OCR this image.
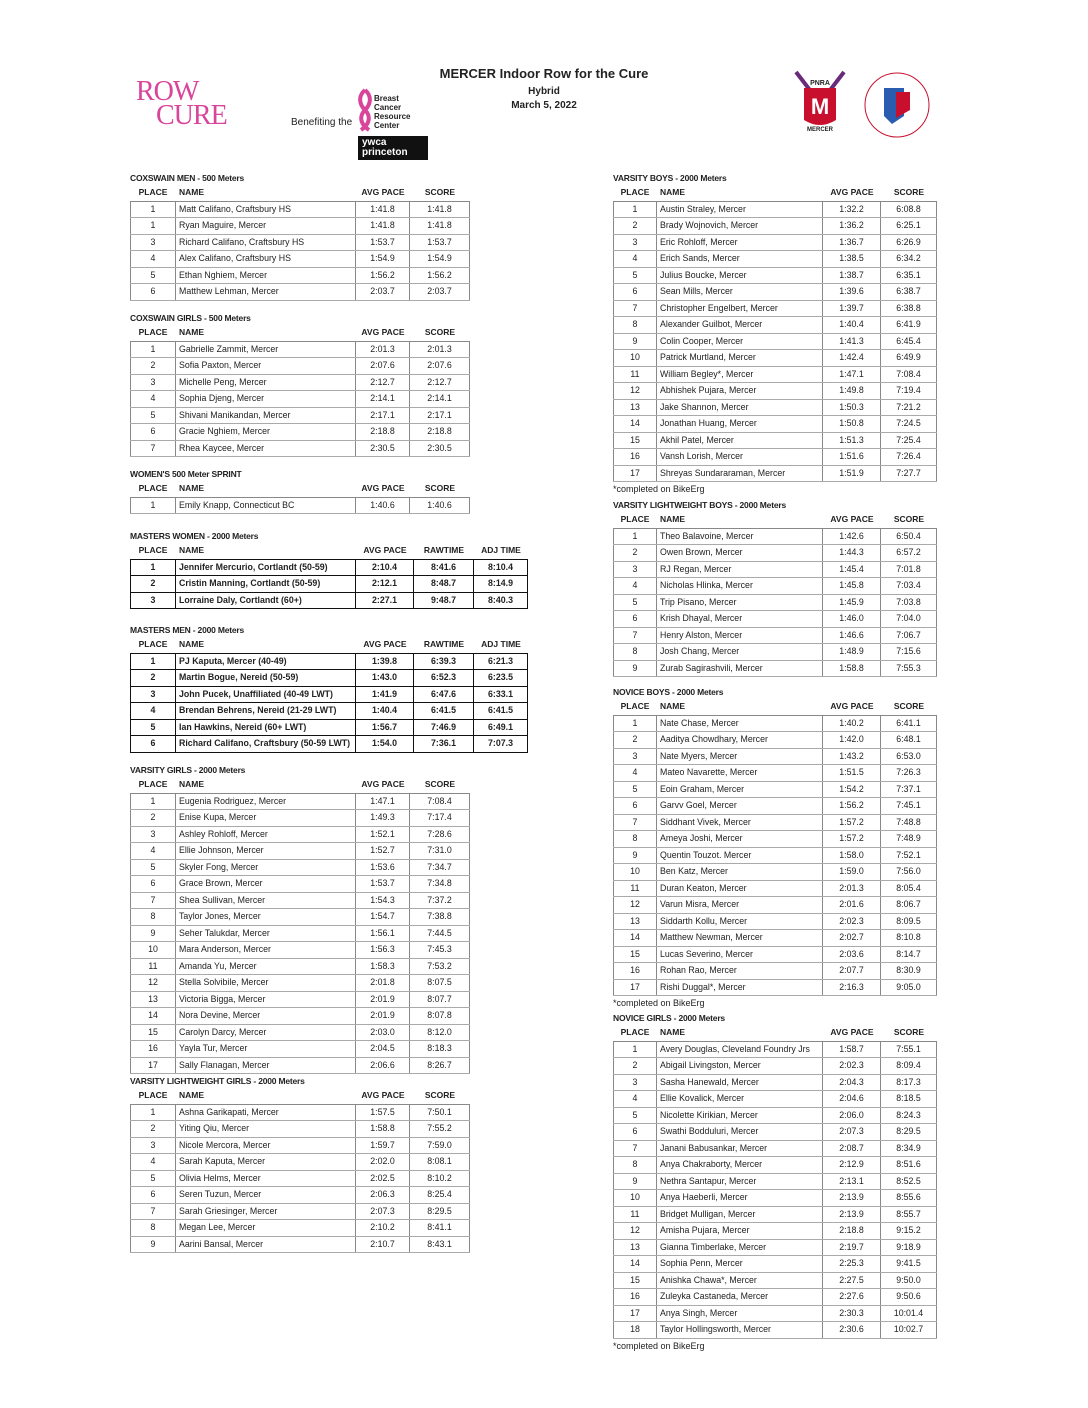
MERCER Indoor Row for the Cure
Hybrid
March 5, 2022
ROW
CURE	Benefiting the
Breast
Cancer
Resource
Center
ywca
princeton
PNRA
M
MERCER
COXSWAIN MEN - 500 Meters
PLACE	NAME	AVG PACE	SCORE
1	Matt Califano, Craftsbury HS	1:41.8	1:41.8
1	Ryan Maguire, Mercer	1:41.8	1:41.8
3	Richard Califano, Craftsbury HS	1:53.7	1:53.7
4	Alex Califano, Craftsbury HS	1:54.9	1:54.9
5	Ethan Nghiem, Mercer	1:56.2	1:56.2
6	Matthew Lehman, Mercer	2:03.7	2:03.7
COXSWAIN GIRLS - 500 Meters
PLACE	NAME	AVG PACE	SCORE
1	Gabrielle Zammit, Mercer	2:01.3	2:01.3
2	Sofia Paxton, Mercer	2:07.6	2:07.6
3	Michelle Peng, Mercer	2:12.7	2:12.7
4	Sophia Djeng, Mercer	2:14.1	2:14.1
5	Shivani Manikandan, Mercer	2:17.1	2:17.1
6	Gracie Nghiem, Mercer	2:18.8	2:18.8
7	Rhea Kaycee, Mercer	2:30.5	2:30.5
WOMEN'S 500 Meter SPRINT
PLACE	NAME	AVG PACE	SCORE
1	Emily Knapp, Connecticut BC	1:40.6	1:40.6
MASTERS WOMEN - 2000 Meters
PLACE	NAME	AVG PACE	RAWTIME	ADJ TIME
1	Jennifer Mercurio, Cortlandt (50-59)	2:10.4	8:41.6	8:10.4
2	Cristin Manning, Cortlandt (50-59)	2:12.1	8:48.7	8:14.9
3	Lorraine Daly, Cortlandt (60+)	2:27.1	9:48.7	8:40.3
MASTERS MEN - 2000 Meters
PLACE	NAME	AVG PACE	RAWTIME	ADJ TIME
1	PJ Kaputa, Mercer (40-49)	1:39.8	6:39.3	6:21.3
2	Martin Bogue, Nereid (50-59)	1:43.0	6:52.3	6:23.5
3	John Pucek, Unaffiliated (40-49 LWT)	1:41.9	6:47.6	6:33.1
4	Brendan Behrens, Nereid (21-29 LWT)	1:40.4	6:41.5	6:41.5
5	Ian Hawkins, Nereid (60+ LWT)	1:56.7	7:46.9	6:49.1
6	Richard Califano, Craftsbury (50-59 LWT)	1:54.0	7:36.1	7:07.3
VARSITY GIRLS - 2000 Meters
PLACE	NAME	AVG PACE	SCORE
1	Eugenia Rodriguez, Mercer	1:47.1	7:08.4
2	Enise Kupa, Mercer	1:49.3	7:17.4
3	Ashley Rohloff, Mercer	1:52.1	7:28.6
4	Ellie Johnson, Mercer	1:52.7	7:31.0
5	Skyler Fong, Mercer	1:53.6	7:34.7
6	Grace Brown, Mercer	1:53.7	7:34.8
7	Shea Sullivan, Mercer	1:54.3	7:37.2
8	Taylor Jones, Mercer	1:54.7	7:38.8
9	Seher Talukdar, Mercer	1:56.1	7:44.5
10	Mara Anderson, Mercer	1:56.3	7:45.3
11	Amanda Yu, Mercer	1:58.3	7:53.2
12	Stella Solvibile, Mercer	2:01.8	8:07.5
13	Victoria Bigga, Mercer	2:01.9	8:07.7
14	Nora Devine, Mercer	2:01.9	8:07.8
15	Carolyn Darcy, Mercer	2:03.0	8:12.0
16	Yayla Tur, Mercer	2:04.5	8:18.3
17	Sally Flanagan, Mercer	2:06.6	8:26.7
VARSITY LIGHTWEIGHT GIRLS - 2000 Meters
PLACE	NAME	AVG PACE	SCORE
1	Ashna Garikapati, Mercer	1:57.5	7:50.1
2	Yiting Qiu, Mercer	1:58.8	7:55.2
3	Nicole Mercora, Mercer	1:59.7	7:59.0
4	Sarah Kaputa, Mercer	2:02.0	8:08.1
5	Olivia Helms, Mercer	2:02.5	8:10.2
6	Seren Tuzun, Mercer	2:06.3	8:25.4
7	Sarah Griesinger, Mercer	2:07.3	8:29.5
8	Megan Lee, Mercer	2:10.2	8:41.1
9	Aarini Bansal, Mercer	2:10.7	8:43.1
VARSITY BOYS - 2000 Meters
PLACE	NAME	AVG PACE	SCORE
1	Austin Straley, Mercer	1:32.2	6:08.8
2	Brady Wojnovich, Mercer	1:36.2	6:25.1
3	Eric Rohloff, Mercer	1:36.7	6:26.9
4	Erich Sands, Mercer	1:38.5	6:34.2
5	Julius Boucke, Mercer	1:38.7	6:35.1
6	Sean Mills, Mercer	1:39.6	6:38.7
7	Christopher Engelbert, Mercer	1:39.7	6:38.8
8	Alexander Guilbot, Mercer	1:40.4	6:41.9
9	Colin Cooper, Mercer	1:41.3	6:45.4
10	Patrick Murtland, Mercer	1:42.4	6:49.9
11	William Begley*, Mercer	1:47.1	7:08.4
12	Abhishek Pujara, Mercer	1:49.8	7:19.4
13	Jake Shannon, Mercer	1:50.3	7:21.2
14	Jonathan Huang, Mercer	1:50.8	7:24.5
15	Akhil Patel, Mercer	1:51.3	7:25.4
16	Vansh Lorish, Mercer	1:51.6	7:26.4
17	Shreyas Sundararaman, Mercer	1:51.9	7:27.7
*completed on BikeErg
VARSITY LIGHTWEIGHT BOYS - 2000 Meters
PLACE	NAME	AVG PACE	SCORE
1	Theo Balavoine, Mercer	1:42.6	6:50.4
2	Owen Brown, Mercer	1:44.3	6:57.2
3	RJ Regan, Mercer	1:45.4	7:01.8
4	Nicholas Hlinka, Mercer	1:45.8	7:03.4
5	Trip Pisano, Mercer	1:45.9	7:03.8
6	Krish Dhayal, Mercer	1:46.0	7:04.0
7	Henry Alston, Mercer	1:46.6	7:06.7
8	Josh Chang, Mercer	1:48.9	7:15.6
9	Zurab Sagirashvili, Mercer	1:58.8	7:55.3
NOVICE BOYS - 2000 Meters
PLACE	NAME	AVG PACE	SCORE
1	Nate Chase, Mercer	1:40.2	6:41.1
2	Aaditya Chowdhary, Mercer	1:42.0	6:48.1
3	Nate Myers, Mercer	1:43.2	6:53.0
4	Mateo Navarette, Mercer	1:51.5	7:26.3
5	Eoin Graham, Mercer	1:54.2	7:37.1
6	Garvv Goel, Mercer	1:56.2	7:45.1
7	Siddhant Vivek, Mercer	1:57.2	7:48.8
8	Ameya Joshi, Mercer	1:57.2	7:48.9
9	Quentin Touzot. Mercer	1:58.0	7:52.1
10	Ben Katz, Mercer	1:59.0	7:56.0
11	Duran Keaton, Mercer	2:01.3	8:05.4
12	Varun Misra, Mercer	2:01.6	8:06.7
13	Siddarth Kollu, Mercer	2:02.3	8:09.5
14	Matthew Newman, Mercer	2:02.7	8:10.8
15	Lucas Severino, Mercer	2:03.6	8:14.7
16	Rohan Rao, Mercer	2:07.7	8:30.9
17	Rishi Duggal*, Mercer	2:16.3	9:05.0
*completed on BikeErg
NOVICE GIRLS - 2000 Meters
PLACE	NAME	AVG PACE	SCORE
1	Avery Douglas, Cleveland Foundry Jrs	1:58.7	7:55.1
2	Abigail Livingston, Mercer	2:02.3	8:09.4
3	Sasha Hanewald, Mercer	2:04.3	8:17.3
4	Ellie Kovalick, Mercer	2:04.6	8:18.5
5	Nicolette Kirikian, Mercer	2:06.0	8:24.3
6	Swathi Bodduluri, Mercer	2:07.3	8:29.5
7	Janani Babusankar, Mercer	2:08.7	8:34.9
8	Anya Chakraborty, Mercer	2:12.9	8:51.6
9	Nethra Santapur, Mercer	2:13.1	8:52.5
10	Anya Haeberli, Mercer	2:13.9	8:55.6
11	Bridget Mulligan, Mercer	2:13.9	8:55.7
12	Amisha Pujara, Mercer	2:18.8	9:15.2
13	Gianna Timberlake, Mercer	2:19.7	9:18.9
14	Sophia Penn, Mercer	2:25.3	9:41.5
15	Anishka Chawa*, Mercer	2:27.5	9:50.0
16	Zuleyka Castaneda, Mercer	2:27.6	9:50.6
17	Anya Singh, Mercer	2:30.3	10:01.4
18	Taylor Hollingsworth, Mercer	2:30.6	10:02.7
*completed on BikeErg
